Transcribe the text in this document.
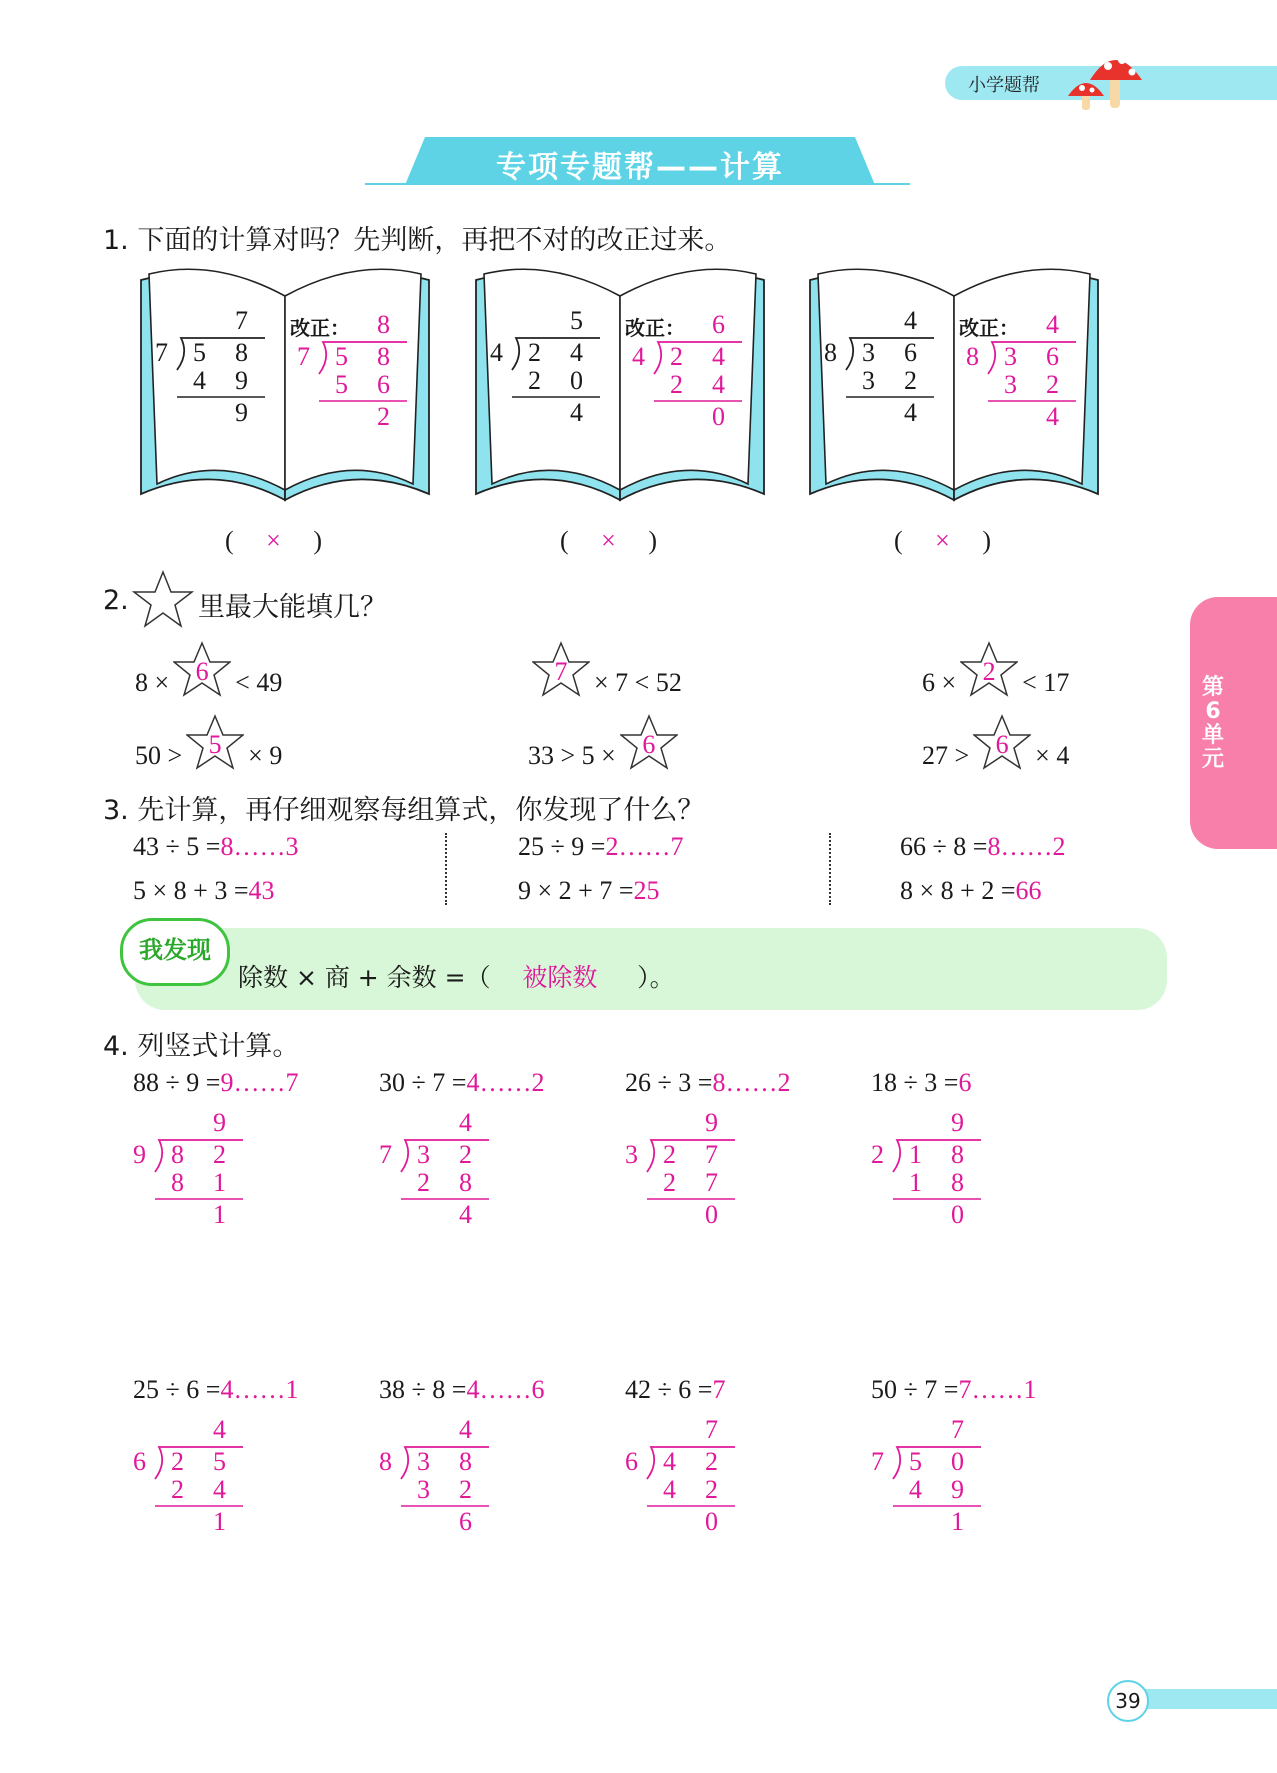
小学题帮
专项专题帮——计算
第
6
单
元
1. 下面的计算对吗？先判断，再把不对的改正过来。
7
7 5 8
4 9
9
改正： 8
7 5 8
5 6
2
5
4 2 4
2 0
4
改正： 6
4 2 4
2 4
0
4
8 3 6
3 2
4
改正： 4
8 3 6
3 2
4
(     ×     )	(     ×     )	(     ×     )
2.	里最大能填几？
8 ×	6	< 49	7	× 7 < 52	6 ×	2	< 17
50 >	5	× 9	33 > 5 ×	6	27 >	6	× 4
3. 先计算，再仔细观察每组算式，你发现了什么？
43 ÷ 5 =8……3
5 × 8 + 3 =43
25 ÷ 9 =2……7
9 × 2 + 7 =25
66 ÷ 8 =8……2
8 × 8 + 2 =66
我发现
除数 × 商 + 余数 =（ 被除数 ）。
4. 列竖式计算。
88 ÷ 9 =9……7
9
9 8 2
8 1
1
30 ÷ 7 =4……2
4
7 3 2
2 8
4
26 ÷ 3 =8……2
9
3 2 7
2 7
0
18 ÷ 3 =6
9
2 1 8
1 8
0
25 ÷ 6 =4……1
4
6 2 5
2 4
1
38 ÷ 8 =4……6
4
8 3 8
3 2
6
42 ÷ 6 =7
7
6 4 2
4 2
0
50 ÷ 7 =7……1
7
7 5 0
4 9
1
39
